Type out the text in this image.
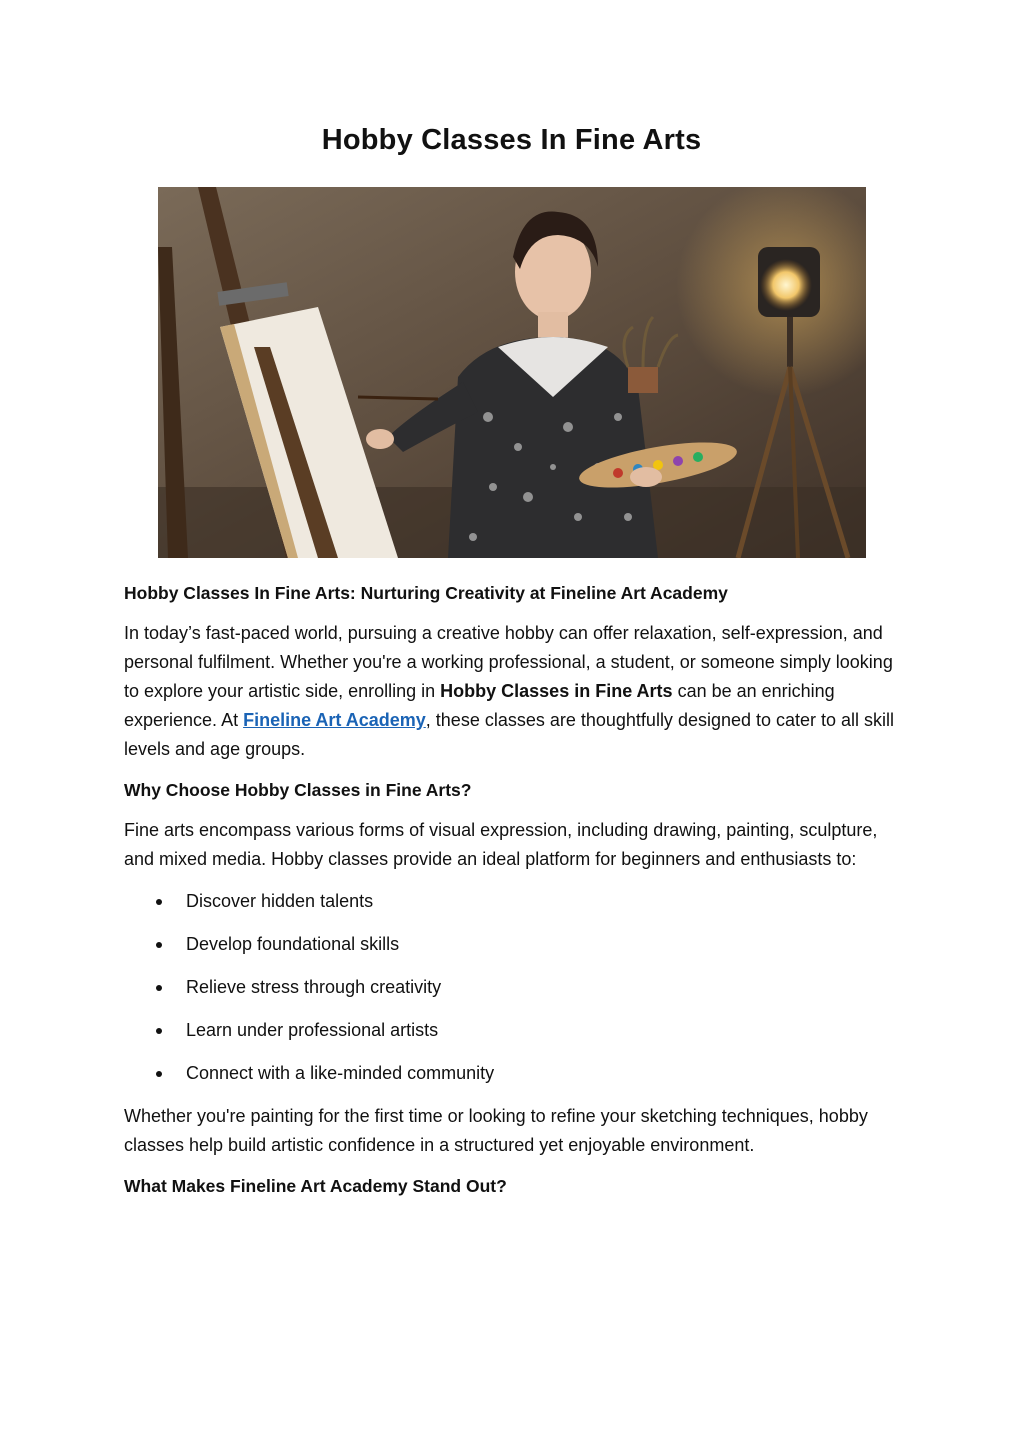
Hobby Classes In Fine Arts
Hobby Classes In Fine Arts: Nurturing Creativity at Fineline Art Academy

In today’s fast-paced world, pursuing a creative hobby can offer relaxation, self-expression, and personal fulfilment. Whether you're a working professional, a student, or someone simply looking to explore your artistic side, enrolling in Hobby Classes in Fine Arts can be an enriching experience. At Fineline Art Academy, these classes are thoughtfully designed to cater to all skill levels and age groups.

Why Choose Hobby Classes in Fine Arts?

Fine arts encompass various forms of visual expression, including drawing, painting, sculpture, and mixed media. Hobby classes provide an ideal platform for beginners and enthusiasts to:

Discover hidden talents
Develop foundational skills
Relieve stress through creativity
Learn under professional artists
Connect with a like-minded community

Whether you're painting for the first time or looking to refine your sketching techniques, hobby classes help build artistic confidence in a structured yet enjoyable environment.

What Makes Fineline Art Academy Stand Out?
